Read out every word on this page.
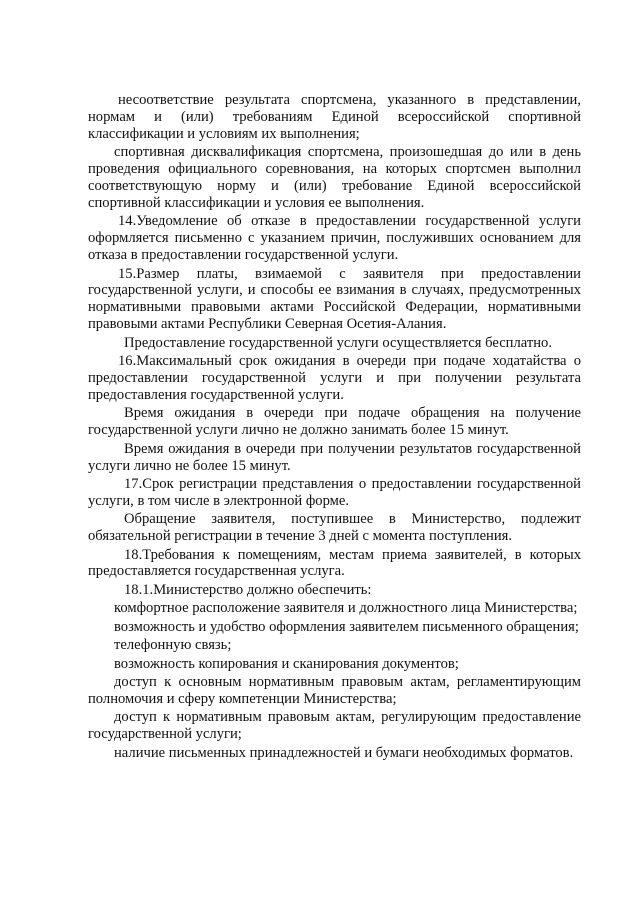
несоответствие результата спортсмена, указанного в представлении, нормам и (или) требованиям Единой всероссийской спортивной классификации и условиям их выполнения;

спортивная дисквалификация спортсмена, произошедшая до или в день проведения официального соревнования, на которых спортсмен выполнил соответствующую норму и (или) требование Единой всероссийской спортивной классификации и условия ее выполнения.

14.Уведомление об отказе в предоставлении государственной услуги оформляется письменно с указанием причин, послуживших основанием для отказа в предоставлении государственной услуги.

15.Размер платы, взимаемой с заявителя при предоставлении государственной услуги, и способы ее взимания в случаях, предусмотренных нормативными правовыми актами Российской Федерации, нормативными правовыми актами Республики Северная Осетия-Алания.

Предоставление государственной услуги осуществляется бесплатно.

16.Максимальный срок ожидания в очереди при подаче ходатайства о предоставлении государственной услуги и при получении результата предоставления государственной услуги.

Время ожидания в очереди при подаче обращения на получение государственной услуги лично не должно занимать более 15 минут.

Время ожидания в очереди при получении результатов государственной услуги лично не более 15 минут.

17.Срок регистрации представления о предоставлении государственной услуги, в том числе в электронной форме.

Обращение заявителя, поступившее в Министерство, подлежит обязательной регистрации в течение 3 дней с момента поступления.

18.Требования к помещениям, местам приема заявителей, в которых предоставляется государственная услуга.

18.1.Министерство должно обеспечить:

комфортное расположение заявителя и должностного лица Министерства;

возможность и удобство оформления заявителем письменного обращения;

телефонную связь;

возможность копирования и сканирования документов;

доступ к основным нормативным правовым актам, регламентирующим полномочия и сферу компетенции Министерства;

доступ к нормативным правовым актам, регулирующим предоставление государственной услуги;

наличие письменных принадлежностей и бумаги необходимых форматов.
